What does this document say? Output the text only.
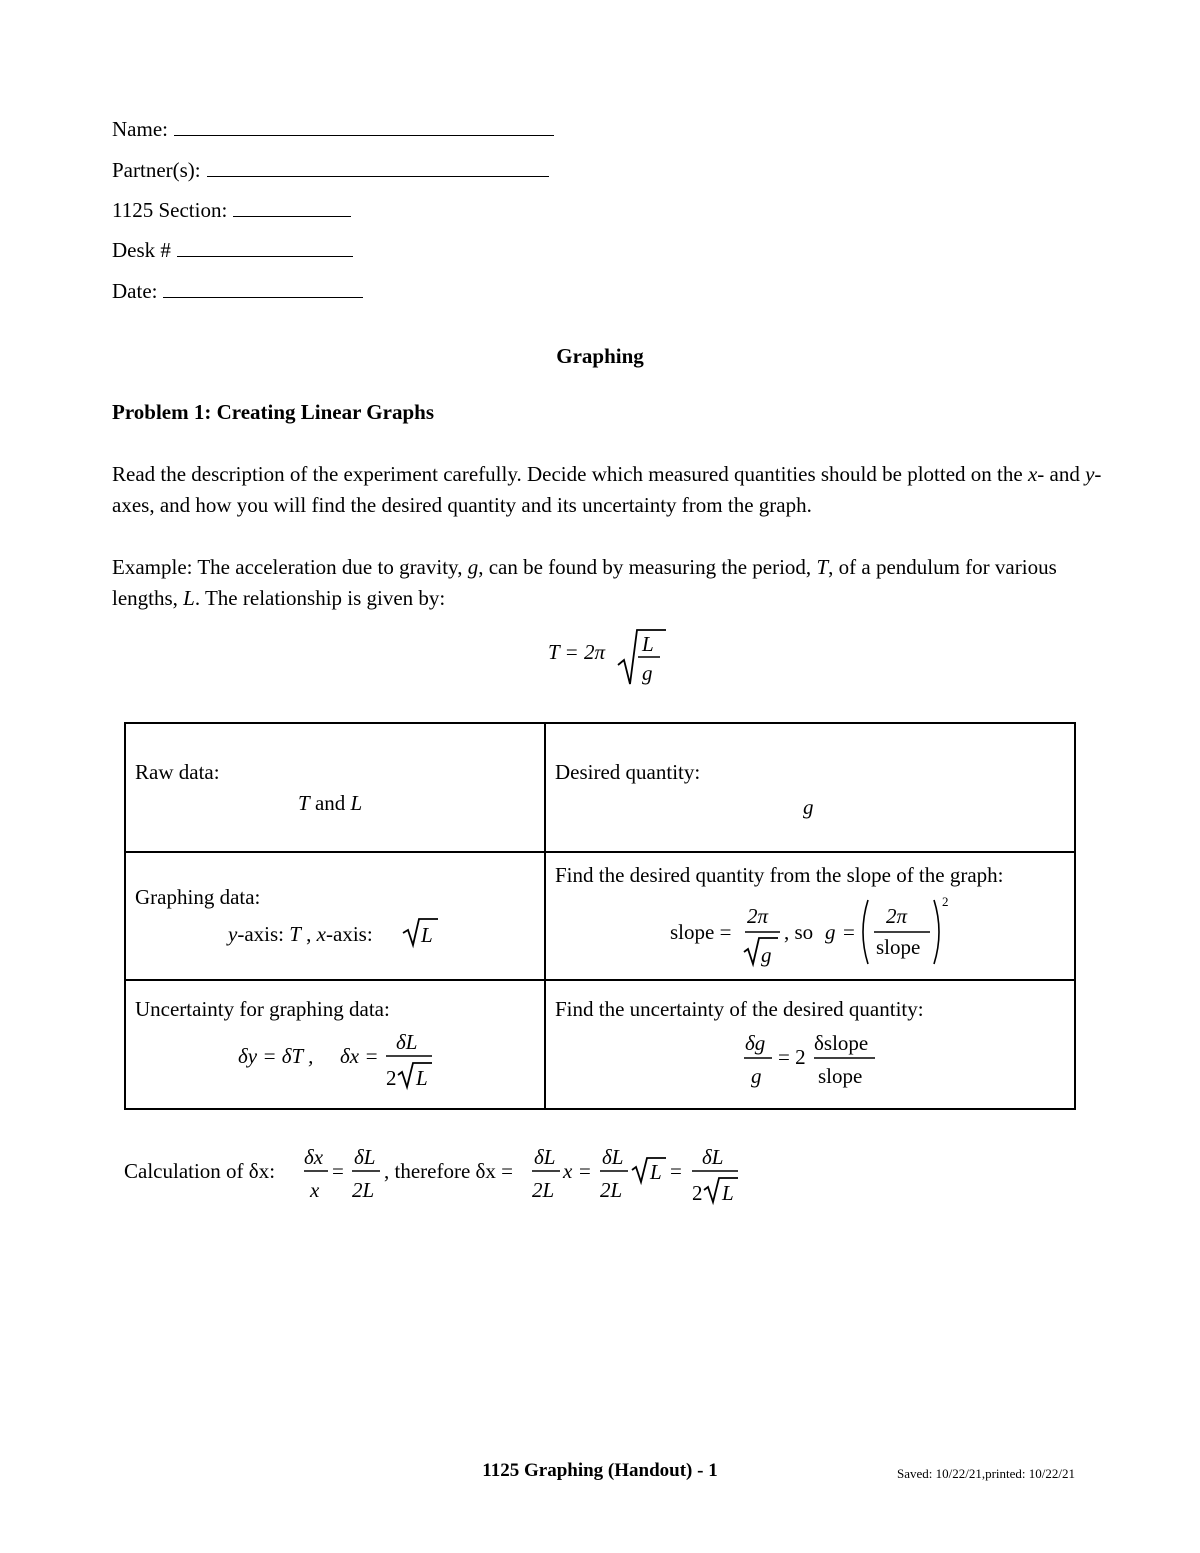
Name:
Partner(s):
1125 Section:
Desk #
Date:
Graphing
Problem 1: Creating Linear Graphs
Read the description of the experiment carefully. Decide which measured quantities should be plotted on the x- and y-axes, and how you will find the desired quantity and its uncertainty from the graph.
Example: The acceleration due to gravity, g, can be found by measuring the period, T, of a pendulum for various lengths, L. The relationship is given by:
T = 2π L
g
Raw data:
T and L
Desired quantity:
g
Graphing data:
y-axis: T , x-axis: L
Find the desired quantity from the slope of the graph:
slope =
2π
g
, so g =
2π
slope
2
Uncertainty for graphing data:
δy = δT , δx =
δL
2 L
Find the uncertainty of the desired quantity:
δg
g
= 2
δslope
slope
Calculation of δx:
δx
x
=
δL
2L
, therefore δx =
δL
2L
x =
δL
2L
L =
δL
2 L
1125 Graphing (Handout) - 1	Saved: 10/22/21,printed: 10/22/21
